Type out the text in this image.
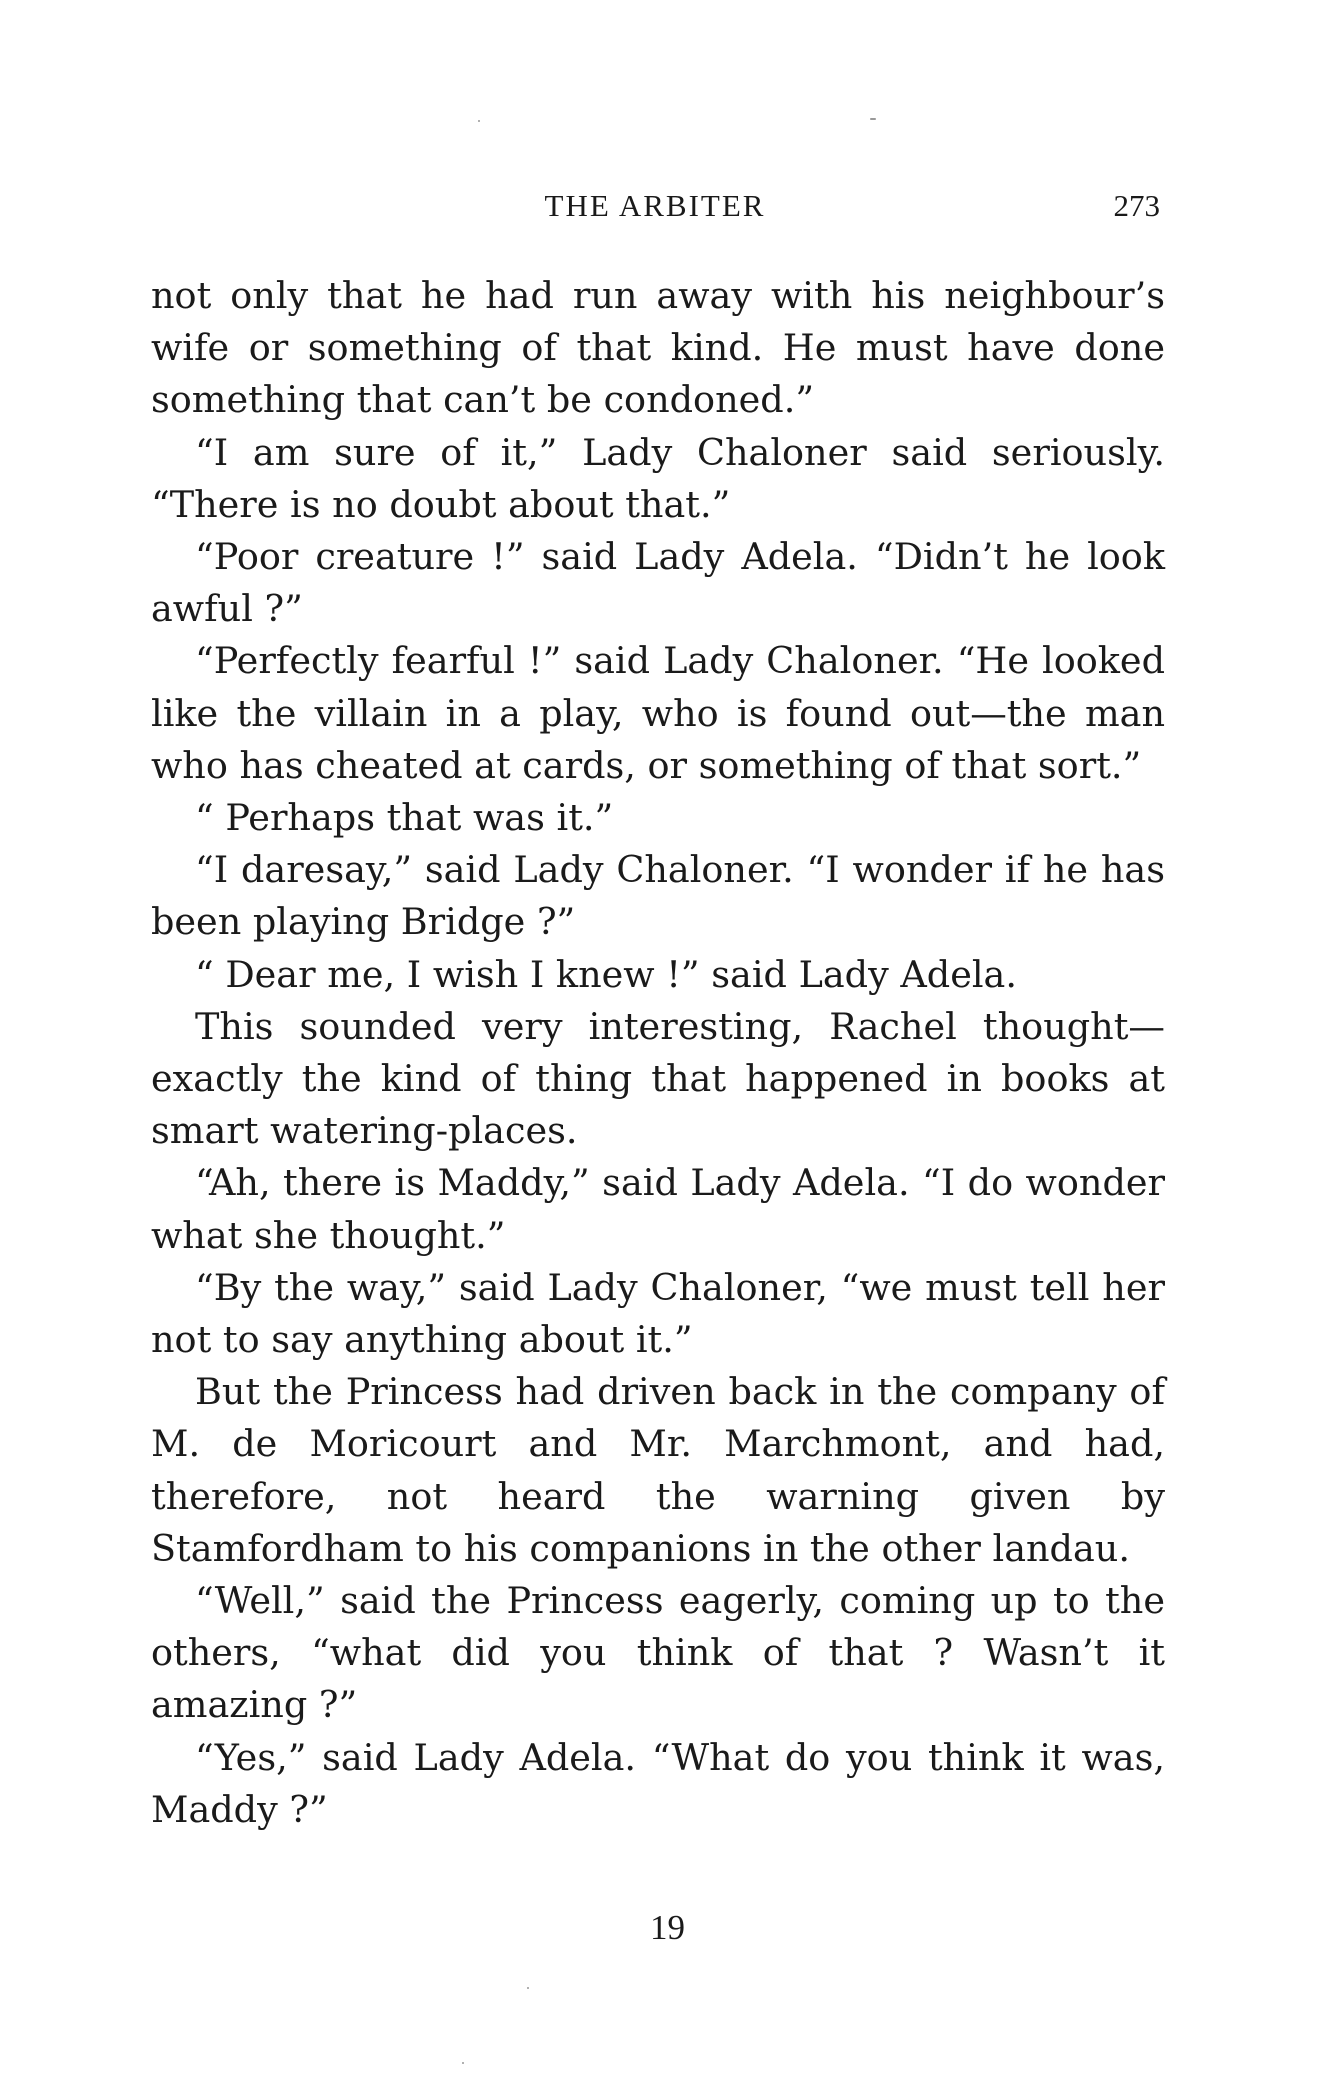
THE ARBITER	273

not only that he had run away with his neighbour’s wife or something of that kind. He must have done something that can’t be condoned.”

“I am sure of it,” Lady Chaloner said seriously. “There is no doubt about that.”

“Poor creature !” said Lady Adela. “Didn’t he look awful ?”

“Perfectly fearful !” said Lady Chaloner. “He looked like the villain in a play, who is found out—the man who has cheated at cards, or something of that sort.”

“ Perhaps that was it.”

“I daresay,” said Lady Chaloner. “I wonder if he has been playing Bridge ?”

“ Dear me, I wish I knew !” said Lady Adela.

This sounded very interesting, Rachel thought—exactly the kind of thing that happened in books at smart watering-places.

“Ah, there is Maddy,” said Lady Adela. “I do wonder what she thought.”

“By the way,” said Lady Chaloner, “we must tell her not to say anything about it.”

But the Princess had driven back in the company of M. de Moricourt and Mr. Marchmont, and had, therefore, not heard the warning given by Stamfordham to his companions in the other landau.

“Well,” said the Princess eagerly, coming up to the others, “what did you think of that ? Wasn’t it amazing ?”

“Yes,” said Lady Adela. “What do you think it was, Maddy ?”

19
